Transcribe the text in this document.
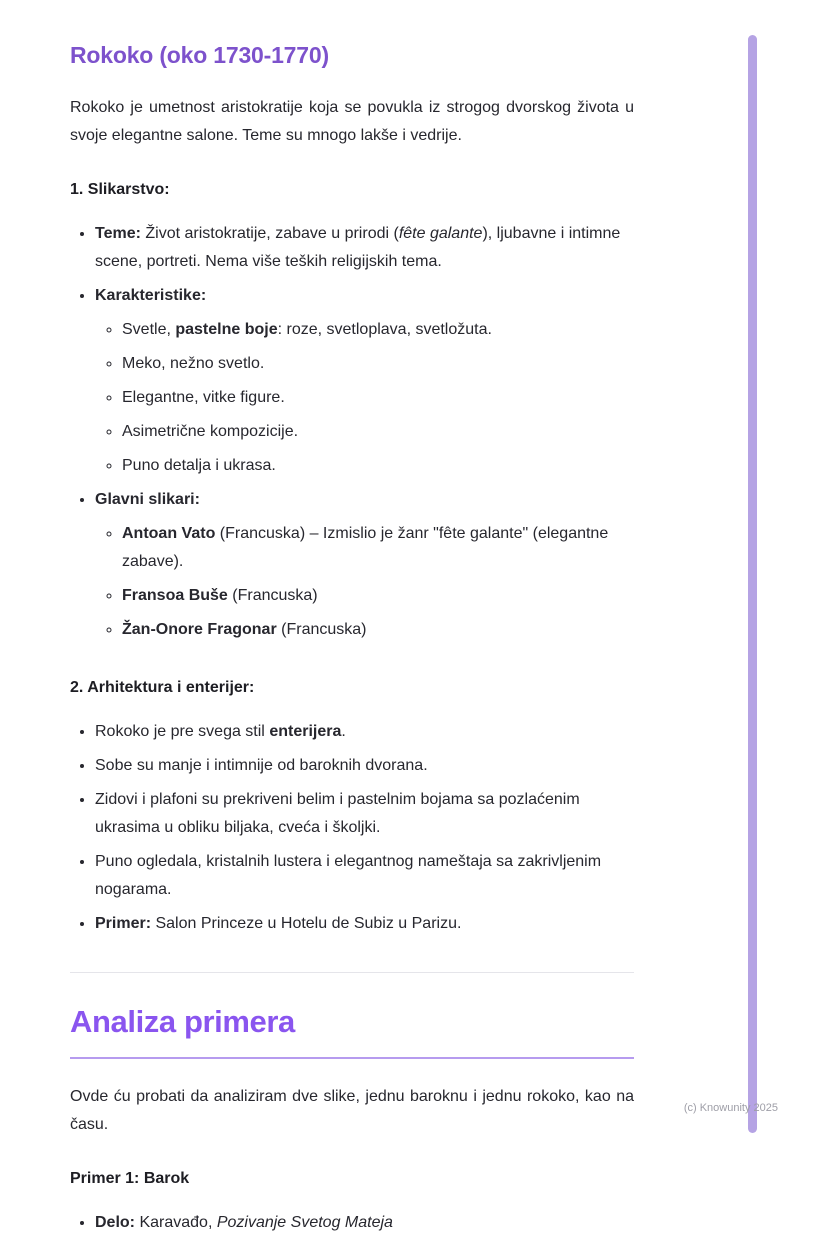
Rokoko (oko 1730-1770)

Rokoko je umetnost aristokratije koja se povukla iz strogog dvorskog života u svoje elegantne salone. Teme su mnogo lakše i vedrije.

1. Slikarstvo:

• Teme: Život aristokratije, zabave u prirodi (fête galante), ljubavne i intimne scene, portreti. Nema više teških religijskih tema.
• Karakteristike:
◦ Svetle, pastelne boje: roze, svetloplava, svetložuta.
◦ Meko, nežno svetlo.
◦ Elegantne, vitke figure.
◦ Asimetrične kompozicije.
◦ Puno detalja i ukrasa.
• Glavni slikari:
◦ Antoan Vato (Francuska) – Izmislio je žanr "fête galante" (elegantne zabave).
◦ Fransoa Buše (Francuska)
◦ Žan-Onore Fragonar (Francuska)

2. Arhitektura i enterijer:

• Rokoko je pre svega stil enterijera.
• Sobe su manje i intimnije od baroknih dvorana.
• Zidovi i plafoni su prekriveni belim i pastelnim bojama sa pozlaćenim ukrasima u obliku biljaka, cveća i školjki.
• Puno ogledala, kristalnih lustera i elegantnog nameštaja sa zakrivljenim nogarama.
• Primer: Salon Princeze u Hotelu de Subiz u Parizu.
Analiza primera

Ovde ću probati da analiziram dve slike, jednu baroknu i jednu rokoko, kao na času.

Primer 1: Barok

• Delo: Karavađo, Pozivanje Svetog Mateja
(c) Knowunity 2025
